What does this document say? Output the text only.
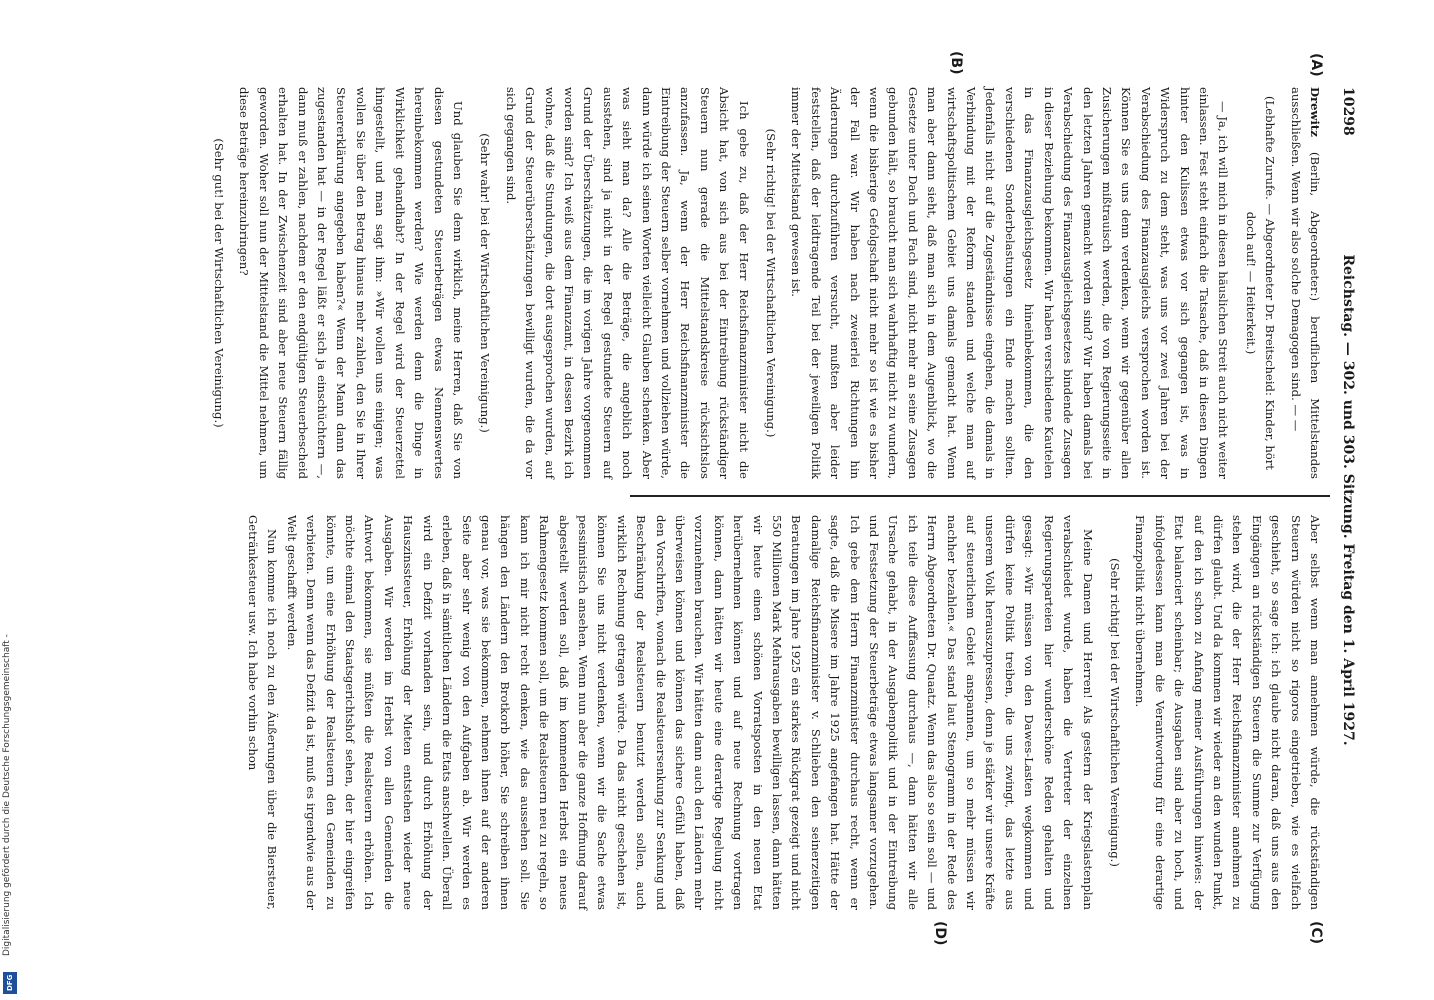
Digitalisierung gefördert durch die Deutsche Forschungsgemeinschaft -
DFG
10298
Reichstag. — 302. und 303. Sitzung. Freitag den 1. April 1927.
(A)
(B)
(C)
(D)

Drewitz (Berlin, Abgeordneter:) beruflichen Mittelstandes ausschließen. Wenn wir also solche Demagogen sind. — —

(Lebhafte Zurufe. — Abgeordneter Dr. Breitscheid: Kinder, hört doch auf! — Heiterkeit.)

— Ja, ich will mich in diesen häuslichen Streit auch nicht weiter einlassen. Fest steht einfach die Tatsache, daß in diesen Dingen hinter den Kulissen etwas vor sich gegangen ist, was in Widerspruch zu dem steht, was uns vor zwei Jahren bei der Verabschiedung des Finanzausgleichs versprochen worden ist. Können Sie es uns denn verdenken, wenn wir gegenüber allen Zusicherungen mißtrauisch werden, die von Regierungsseite in den letzten Jahren gemacht worden sind? Wir haben damals bei Verabschiedung des Finanzausgleichsgesetzes bindende Zusagen in dieser Beziehung bekommen. Wir haben verschiedene Kautelen in das Finanzausgleichsgesetz hineinbekommen, die den verschiedenen Sonderbelastungen ein Ende machen sollten. Jedenfalls nicht auf die Zugeständnisse eingehen, die damals in Verbindung mit der Reform standen und welche man auf wirtschaftspolitischem Gebiet uns damals gemacht hat. Wenn man aber dann sieht, daß man sich in dem Augenblick, wo die Gesetze unter Dach und Fach sind, nicht mehr an seine Zusagen gebunden hält, so braucht man sich wahrhaftig nicht zu wundern, wenn die bisherige Gefolgschaft nicht mehr so ist wie es bisher der Fall war. Wir haben nach zweierlei Richtungen hin Änderungen durchzuführen versucht, mußten aber leider feststellen, daß der leidtragende Teil bei der jeweiligen Politik immer der Mittelstand gewesen ist.

(Sehr richtig! bei der Wirtschaftlichen Vereinigung.)

Ich gebe zu, daß der Herr Reichsfinanzminister nicht die Absicht hat, von sich aus bei der Eintreibung rückständiger Steuern nun gerade die Mittelstandskreise rücksichtslos anzufassen. Ja, wenn der Herr Reichsfinanzminister die Eintreibung der Steuern selber vornehmen und vollziehen würde, dann würde ich seinen Worten vielleicht Glauben schenken. Aber was sieht man da? Alle die Beträge, die angeblich noch ausstehen, sind ja nicht in der Regel gestundete Steuern auf Grund der Überschätzungen, die im vorigen Jahre vorgenommen worden sind? Ich weiß aus dem Finanzamt, in dessen Bezirk ich wohne, daß die Stundungen, die dort ausgesprochen wurden, auf Grund der Steuerüberschätzungen bewilligt wurden, die da vor sich gegangen sind.

(Sehr wahr! bei der Wirtschaftlichen Vereinigung.)

Und glauben Sie denn wirklich, meine Herren, daß Sie von diesen gestundeten Steuerbeträgen etwas Nennenswertes hereinbekommen werden? Wie werden denn die Dinge in Wirklichkeit gehandhabt? In der Regel wird der Steuerzettel hingestellt, und man sagt ihm: »Wir wollen uns einigen; was wollen Sie über den Betrag hinaus mehr zahlen, den Sie in Ihrer Steuererklärung angegeben haben?« Wenn der Mann dann das zugestanden hat — in der Regel läßt er sich ja einschüchtern —, dann muß er zahlen, nachdem er den endgültigen Steuerbescheid erhalten hat. In der Zwischenzeit sind aber neue Steuern fällig geworden. Woher soll nun der Mittelstand die Mittel nehmen, um diese Beträge hereinzubringen?

(Sehr gut! bei der Wirtschaftlichen Vereinigung.)

Aber selbst wenn man annehmen würde, die rückständigen Steuern würden nicht so rigoros eingetrieben, wie es vielfach geschieht, so sage ich: ich glaube nicht daran, daß uns aus den Eingängen an rückständigen Steuern die Summe zur Verfügung stehen wird, die der Herr Reichsfinanzminister annehmen zu dürfen glaubt. Und da kommen wir wieder an den wunden Punkt, auf den ich schon zu Anfang meiner Ausführungen hinwies: der Etat balanciert scheinbar; die Ausgaben sind aber zu hoch, und infolgedessen kann man die Verantwortung für eine derartige Finanzpolitik nicht übernehmen.

(Sehr richtig! bei der Wirtschaftlichen Vereinigung.)

Meine Damen und Herren! Als gestern der Kriegslastenplan verabschiedet wurde, haben die Vertreter der einzelnen Regierungsparteien hier wunderschöne Reden gehalten und gesagt: »Wir müssen von den Dawes-Lasten wegkommen und dürfen keine Politik treiben, die uns zwingt, das letzte aus unserem Volk herauszupressen, denn je stärker wir unsere Kräfte auf steuerlichem Gebiet anspannen, um so mehr müssen wir nachher bezahlen.« Das stand laut Stenogramm in der Rede des Herrn Abgeordneten Dr. Quaatz. Wenn das also so sein soll — und ich teile diese Auffassung durchaus —, dann hätten wir alle Ursache gehabt, in der Ausgabenpolitik und in der Eintreibung und Festsetzung der Steuerbeträge etwas langsamer vorzugehen. Ich gebe dem Herrn Finanzminister durchaus recht, wenn er sagte, daß die Misere im Jahre 1925 angefangen hat. Hätte der damalige Reichsfinanzminister v. Schlieben den seinerzeitigen Beratungen im Jahre 1925 ein starkes Rückgrat gezeigt und nicht 550 Millionen Mark Mehrausgaben bewilligen lassen, dann hätten wir heute einen schönen Vorratsposten in den neuen Etat herübernehmen können und auf neue Rechnung vortragen können, dann hätten wir heute eine derartige Regelung nicht vorzunehmen brauchen. Wir hätten dann auch den Ländern mehr überweisen können und können das sichere Gefühl haben, daß den Vorschriften, wonach die Realsteuersenkung zur Senkung und Beschränkung der Realsteuern benutzt werden sollen, auch wirklich Rechnung getragen würde. Da das nicht geschehen ist, können Sie uns nicht verdenken, wenn wir die Sache etwas pessimistisch ansehen. Wenn nun aber die ganze Hoffnung darauf abgestellt werden soll, daß im kommenden Herbst ein neues Rahmengesetz kommen soll, um die Realsteuern neu zu regeln, so kann ich mir nicht recht denken, wie das aussehen soll. Sie hängen den Ländern den Brotkorb höher, Sie schreiben ihnen genau vor, was sie bekommen, nehmen ihnen auf der anderen Seite aber sehr wenig von den Aufgaben ab. Wir werden es erleben, daß in sämtlichen Ländern die Etats anschwellen. Überall wird ein Defizit vorhanden sein, und durch Erhöhung der Hauszinssteuer, Erhöhung der Mieten entstehen wieder neue Ausgaben. Wir werden im Herbst von allen Gemeinden die Antwort bekommen, sie müßten die Realsteuern erhöhen. Ich möchte einmal den Staatsgerichtshof sehen, der hier eingreifen könnte, um eine Erhöhung der Realsteuern den Gemeinden zu verbieten. Denn wenn das Defizit da ist, muß es irgendwie aus der Welt geschafft werden.

Nun komme ich noch zu den Äußerungen über die Biersteuer, Getränkesteuer usw. Ich habe vorhin schon
